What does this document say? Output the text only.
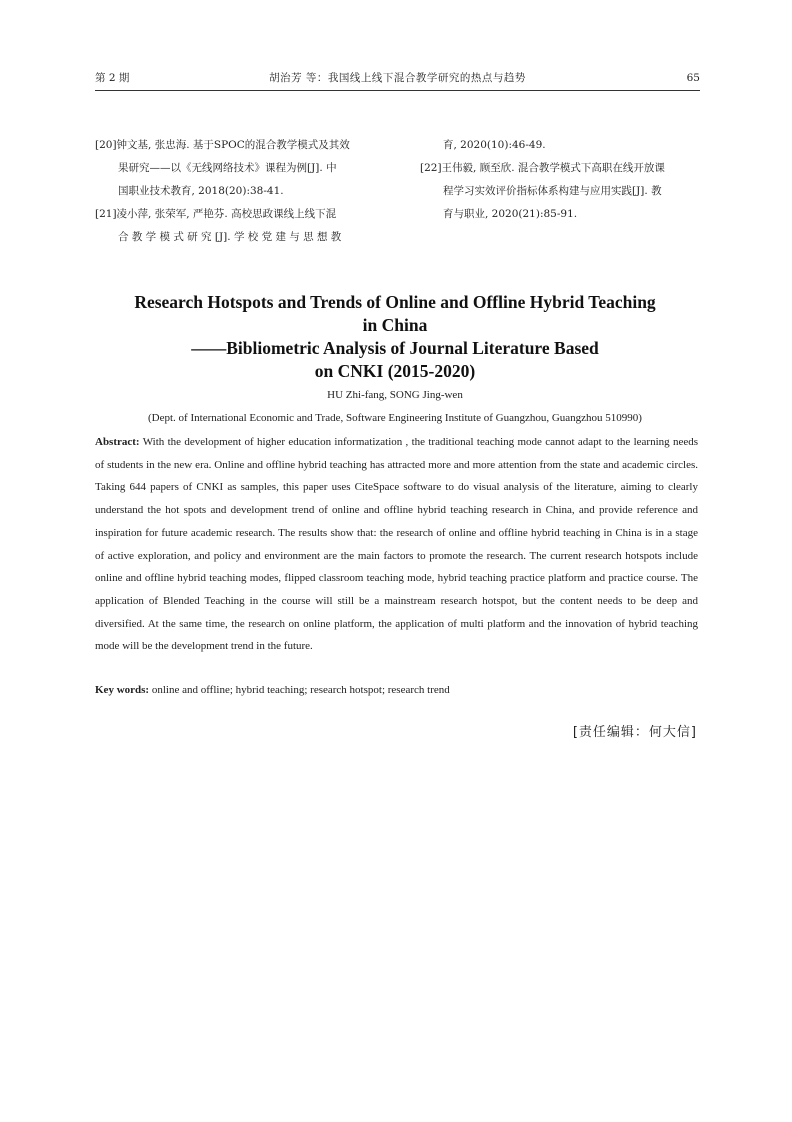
第 2 期	胡治芳 等：我国线上线下混合教学研究的热点与趋势	65
[20]钟文基, 张忠海. 基于SPOC的混合教学模式及其效
果研究——以《无线网络技术》课程为例[J]. 中
国职业技术教育, 2018(20):38-41.
[21]凌小萍, 张荣军, 严艳芬. 高校思政课线上线下混
合 教 学 模 式 研 究 [J]. 学 校 党 建 与 思 想 教
育, 2020(10):46-49.
[22]王伟毅, 顾至欣. 混合教学模式下高职在线开放课
程学习实效评价指标体系构建与应用实践[J]. 教
育与职业, 2020(21):85-91.
Research Hotspots and Trends of Online and Offline Hybrid Teaching
in China
——Bibliometric Analysis of Journal Literature Based
on CNKI (2015-2020)
HU Zhi-fang, SONG Jing-wen
(Dept. of International Economic and Trade, Software Engineering Institute of Guangzhou, Guangzhou 510990)
Abstract: With the development of higher education informatization , the traditional teaching mode cannot adapt to the learning needs of students in the new era. Online and offline hybrid teaching has attracted more and more attention from the state and academic circles. Taking 644 papers of CNKI as samples, this paper uses CiteSpace software to do visual analysis of the literature, aiming to clearly understand the hot spots and development trend of online and offline hybrid teaching research in China, and provide reference and inspiration for future academic research. The results show that: the research of online and offline hybrid teaching in China is in a stage of active exploration, and policy and environment are the main factors to promote the research. The current research hotspots include online and offline hybrid teaching modes, flipped classroom teaching mode, hybrid teaching practice platform and practice course. The application of Blended Teaching in the course will still be a mainstream research hotspot, but the content needs to be deep and diversified. At the same time, the research on online platform, the application of multi platform and the innovation of hybrid teaching mode will be the development trend in the future.
Key words: online and offline; hybrid teaching; research hotspot; research trend
[责任编辑：何大信]
